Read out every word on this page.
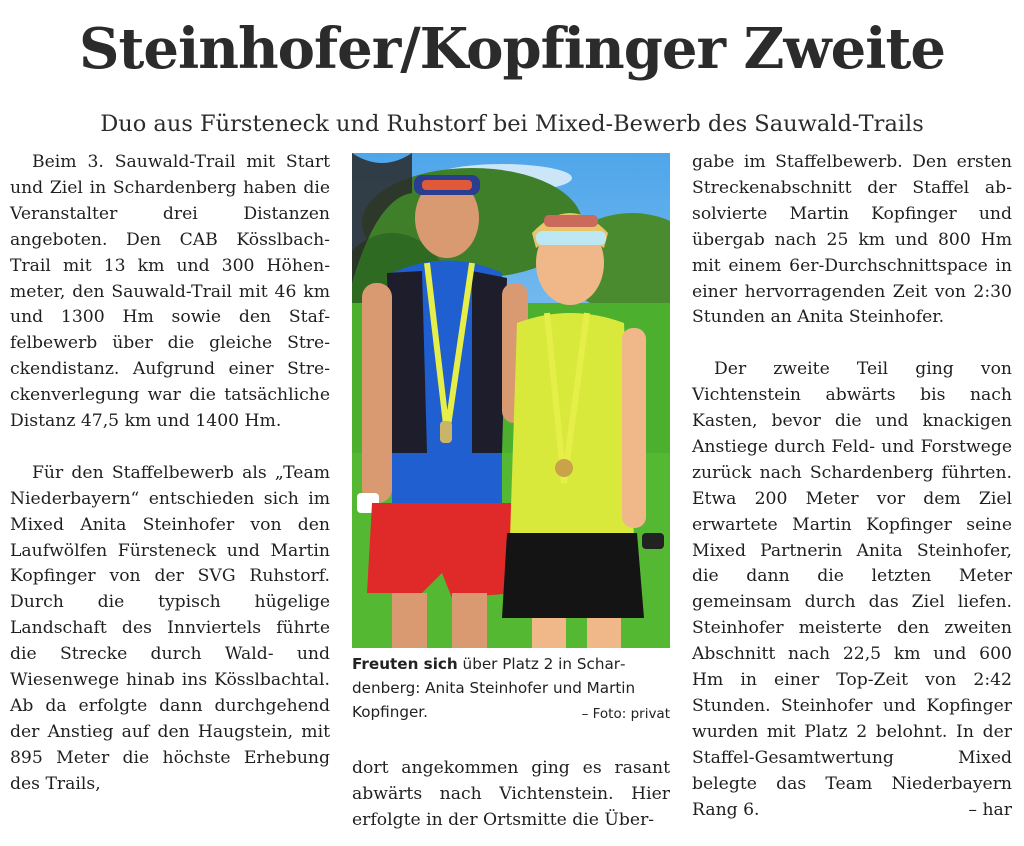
Steinhofer/Kopfinger Zweite
Duo aus Fürsteneck und Ruhstorf bei Mixed-Bewerb des Sauwald-Trails

Beim 3. Sauwald-Trail mit Start und Ziel in Schardenberg haben die Veranstalter drei Distanzen angeboten. Den CAB Kösslbach-Trail mit 13 km und 300 Höhenmeter, den Sauwald-Trail mit 46 km und 1300 Hm sowie den Staffelbewerb über die gleiche Streckendistanz. Aufgrund einer Streckenverlegung war die tatsächliche Distanz 47,5 km und 1400 Hm.

Für den Staffelbewerb als „Team Niederbayern“ entschieden sich im Mixed Anita Steinhofer von den Laufwölfen Fürsteneck und Martin Kopfinger von der SVG Ruhstorf. Durch die typisch hügelige Landschaft des Innviertels führte die Strecke durch Wald- und Wiesenwege hinab ins Kösslbachtal. Ab da erfolgte dann durchgehend der Anstieg auf den Haugstein, mit 895 Meter die höchste Erhebung des Trails,

Freuten sich über Platz 2 in Schardenberg: Anita Steinhofer und Martin Kopfinger.	– Foto: privat

dort angekommen ging es rasant abwärts nach Vichtenstein. Hier erfolgte in der Ortsmitte die Über-

gabe im Staffelbewerb. Den ersten Streckenabschnitt der Staffel absolvierte Martin Kopfinger und übergab nach 25 km und 800 Hm mit einem 6er-Durchschnittspace in einer hervorragenden Zeit von 2:30 Stunden an Anita Steinhofer.

Der zweite Teil ging von Vichtenstein abwärts bis nach Kasten, bevor die und knackigen Anstiege durch Feld- und Forstwege zurück nach Schardenberg führten. Etwa 200 Meter vor dem Ziel erwartete Martin Kopfinger seine Mixed Partnerin Anita Steinhofer, die dann die letzten Meter gemeinsam durch das Ziel liefen. Steinhofer meisterte den zweiten Abschnitt nach 22,5 km und 600 Hm in einer Top-Zeit von 2:42 Stunden. Steinhofer und Kopfinger wurden mit Platz 2 belohnt. In der Staffel-Gesamtwertung Mixed belegte das Team Niederbayern Rang 6.	– har
